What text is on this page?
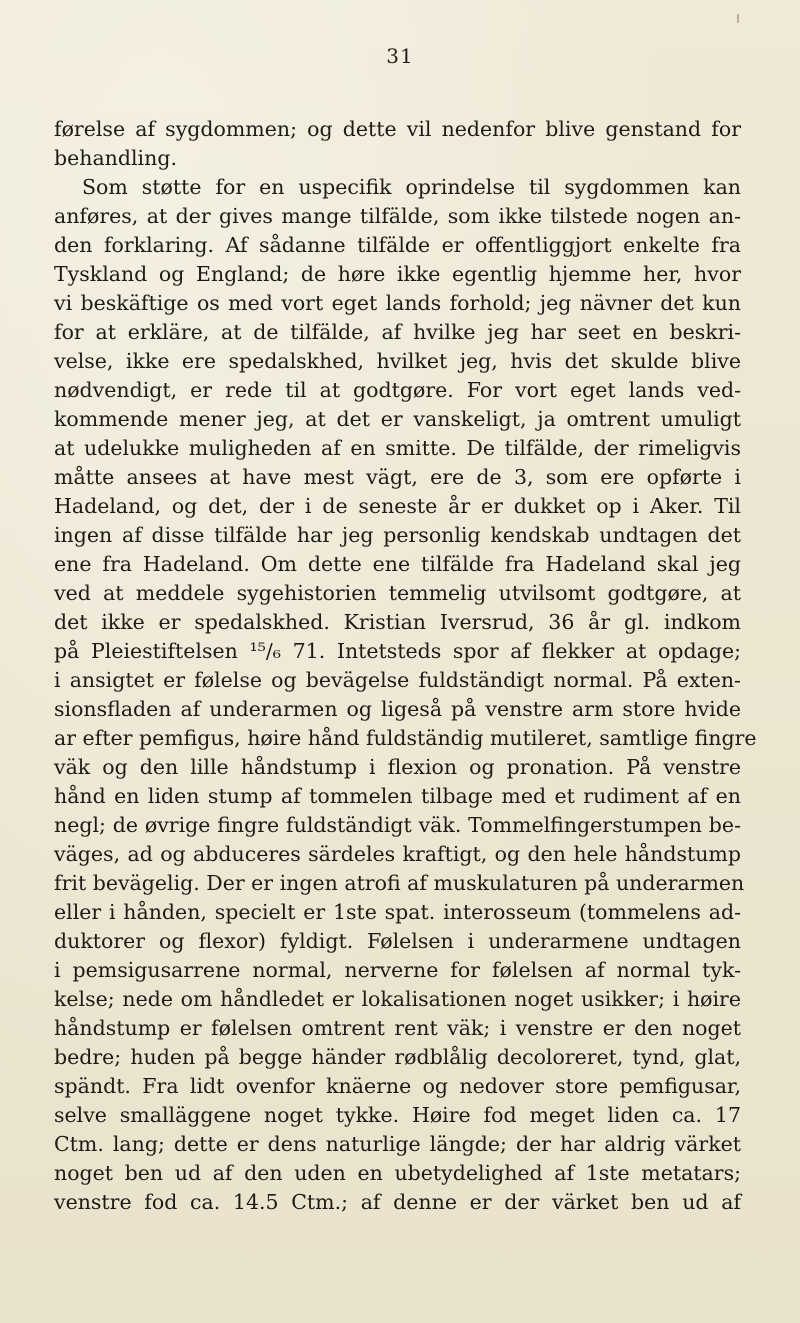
31
førelse af sygdommen; og dette vil nedenfor blive genstand for
behandling.
Som støtte for en uspecifik oprindelse til sygdommen kan
anføres, at der gives mange tilfälde, som ikke tilstede nogen an-
den forklaring. Af sådanne tilfälde er offentliggjort enkelte fra
Tyskland og England; de høre ikke egentlig hjemme her, hvor
vi beskäftige os med vort eget lands forhold; jeg nävner det kun
for at erkläre, at de tilfälde, af hvilke jeg har seet en beskri-
velse, ikke ere spedalskhed, hvilket jeg, hvis det skulde blive
nødvendigt, er rede til at godtgøre. For vort eget lands ved-
kommende mener jeg, at det er vanskeligt, ja omtrent umuligt
at udelukke muligheden af en smitte. De tilfälde, der rimeligvis
måtte ansees at have mest vägt, ere de 3, som ere opførte i
Hadeland, og det, der i de seneste år er dukket op i Aker. Til
ingen af disse tilfälde har jeg personlig kendskab undtagen det
ene fra Hadeland. Om dette ene tilfälde fra Hadeland skal jeg
ved at meddele sygehistorien temmelig utvilsomt godtgøre, at
det ikke er spedalskhed. Kristian Iversrud, 36 år gl. indkom
på Pleiestiftelsen ¹⁵/₆ 71. Intetsteds spor af flekker at opdage;
i ansigtet er følelse og bevägelse fuldständigt normal. På exten-
sionsfladen af underarmen og ligeså på venstre arm store hvide
ar efter pemfigus, høire hånd fuldständig mutileret, samtlige fingre
väk og den lille håndstump i flexion og pronation. På venstre
hånd en liden stump af tommelen tilbage med et rudiment af en
negl; de øvrige fingre fuldständigt väk. Tommelfingerstumpen be-
väges, ad og abduceres särdeles kraftigt, og den hele håndstump
frit bevägelig. Der er ingen atrofi af muskulaturen på underarmen
eller i hånden, specielt er 1ste spat. interosseum (tommelens ad-
duktorer og flexor) fyldigt. Følelsen i underarmene undtagen
i pemsigusarrene normal, nerverne for følelsen af normal tyk-
kelse; nede om håndledet er lokalisationen noget usikker; i høire
håndstump er følelsen omtrent rent väk; i venstre er den noget
bedre; huden på begge händer rødblålig decoloreret, tynd, glat,
spändt. Fra lidt ovenfor knäerne og nedover store pemfigusar,
selve smalläggene noget tykke. Høire fod meget liden ca. 17
Ctm. lang; dette er dens naturlige längde; der har aldrig värket
noget ben ud af den uden en ubetydelighed af 1ste metatars;
venstre fod ca. 14.5 Ctm.; af denne er der värket ben ud af
